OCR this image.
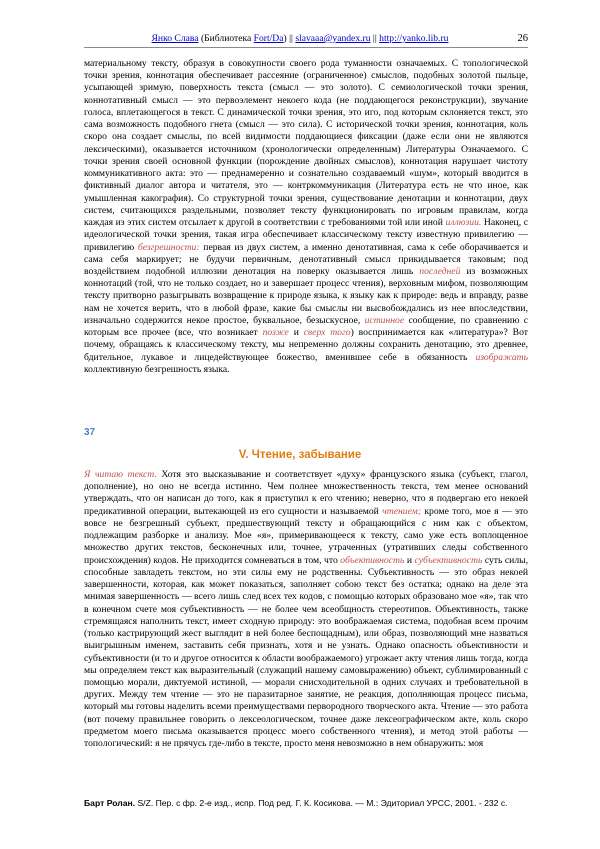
Янко Слава (Библиотека Fort/Da) || slavaaa@yandex.ru || http://yanko.lib.ru	26

материальному тексту, образуя в совокупности своего рода туманности означаемых. С топологической точки зрения, коннотация обеспечивает рассеяние (ограниченное) смыслов, подобных золотой пыльце, усыпающей зримую, поверхность текста (смысл — это золото). С семиологической точки зрения, коннотативный смысл — это первоэлемент некоего кода (не поддающегося реконструкции), звучание голоса, вплетающегося в текст. С динамической точки зрения, это иго, под которым склоняется текст, это сама возможность подобного гнета (смысл — это сила). С исторической точки зрения, коннотация, коль скоро она создает смыслы, по всей видимости поддающиеся фиксации (даже если они не являются лексическими), оказывается источником (хронологически определенным) Литературы Означаемого. С точки зрения своей основной функции (порождение двойных смыслов), коннотация нарушает чистоту коммуникативного акта: это — преднамеренно и сознательно создаваемый «шум», который вводится в фиктивный диалог автора и читателя, это — контркоммуникация (Литература есть не что иное, как умышленная какография). Со структурной точки зрения, существование денотации и коннотации, двух систем, считающихся раздельными, позволяет тексту функционировать по игровым правилам, когда каждая из этих систем отсылает к другой в соответствии с требованиями той или иной иллюзии. Наконец, с идеологической точки зрения, такая игра обеспечивает классическому тексту известную привилегию — привилегию безгрешности: первая из двух систем, а именно денотативная, сама к себе оборачивается и сама себя маркирует; не будучи первичным, денотативный смысл прикидывается таковым; под воздействием подобной иллюзии денотация на поверку оказывается лишь последней из возможных коннотаций (той, что не только создает, но и завершает процесс чтения), верховным мифом, позволяющим тексту притворно разыгрывать возвращение к природе языка, к языку как к природе: ведь и вправду, разве нам не хочется верить, что в любой фразе, какие бы смыслы ни высвобождались из нее впоследствии, изначально содержится некое простое, буквальное, безыскусное, истинное сообщение, по сравнению с которым все прочее (все, что возникает позже и сверх того) воспринимается как «литература»? Вот почему, обращаясь к классическому тексту, мы непременно должны сохранить денотацию, это древнее, бдительное, лукавое и лицедействующее божество, вменившее себе в обязанность изображать коллективную безгрешность языка.

37
V. Чтение, забывание

Я читаю текст. Хотя это высказывание и соответствует «духу» французского языка (субъект, глагол, дополнение), но оно не всегда истинно. Чем полнее множественность текста, тем менее оснований утверждать, что он написан до того, как я приступил к его чтению; неверно, что я подвергаю его некоей предикативной операции, вытекающей из его сущности и называемой чтением; кроме того, мое я — это вовсе не безгрешный субъект, предшествующий тексту и обращающийся с ним как с объектом, подлежащим разборке и анализу. Мое «я», примеривающееся к тексту, само уже есть воплощенное множество других текстов, бесконечных или, точнее, утраченных (утративших следы собственного происхождения) кодов. Не приходится сомневаться в том, что объективность и субъективность суть силы, способные завладеть текстом, но эти силы ему не родственны. Субъективность — это образ некоей завершенности, которая, как может показаться, заполняет собою текст без остатка; однако на деле эта мнимая завершенность — всего лишь след всех тех кодов, с помощью которых образовано мое «я», так что в конечном счете моя субъективность — не более чем всеобщность стереотипов. Объективность, также стремящаяся наполнить текст, имеет сходную природу: это воображаемая система, подобная всем прочим (только кастрирующий жест выглядит в ней более беспощадным), или образ, позволяющий мне назваться выигрышным именем, заставить себя признать, хотя и не узнать. Однако опасность объективности и субъективности (и то и другое относится к области воображаемого) угрожает акту чтения лишь тогда, когда мы определяем текст как выразительный (служащий нашему самовыражению) объект, сублимированный с помощью морали, диктуемой истиной, — морали снисходительной в одних случаях и требовательной в других. Между тем чтение — это не паразитарное занятие, не реакция, дополняющая процесс письма, который мы готовы наделить всеми преимуществами первородного творческого акта. Чтение — это работа (вот почему правильнее говорить о лексеологическом, точнее даже лексеографическом акте, коль скоро предметом моего письма оказывается процесс моего собственного чтения), и метод этой работы — топологический: я не прячусь где-либо в тексте, просто меня невозможно в нем обнаружить: моя

Барт Ролан. S/Z. Пер. с фр. 2-е изд., испр. Под ред. Г. К. Косикова. — М.: Эдиториал УРСС, 2001. - 232 с.
